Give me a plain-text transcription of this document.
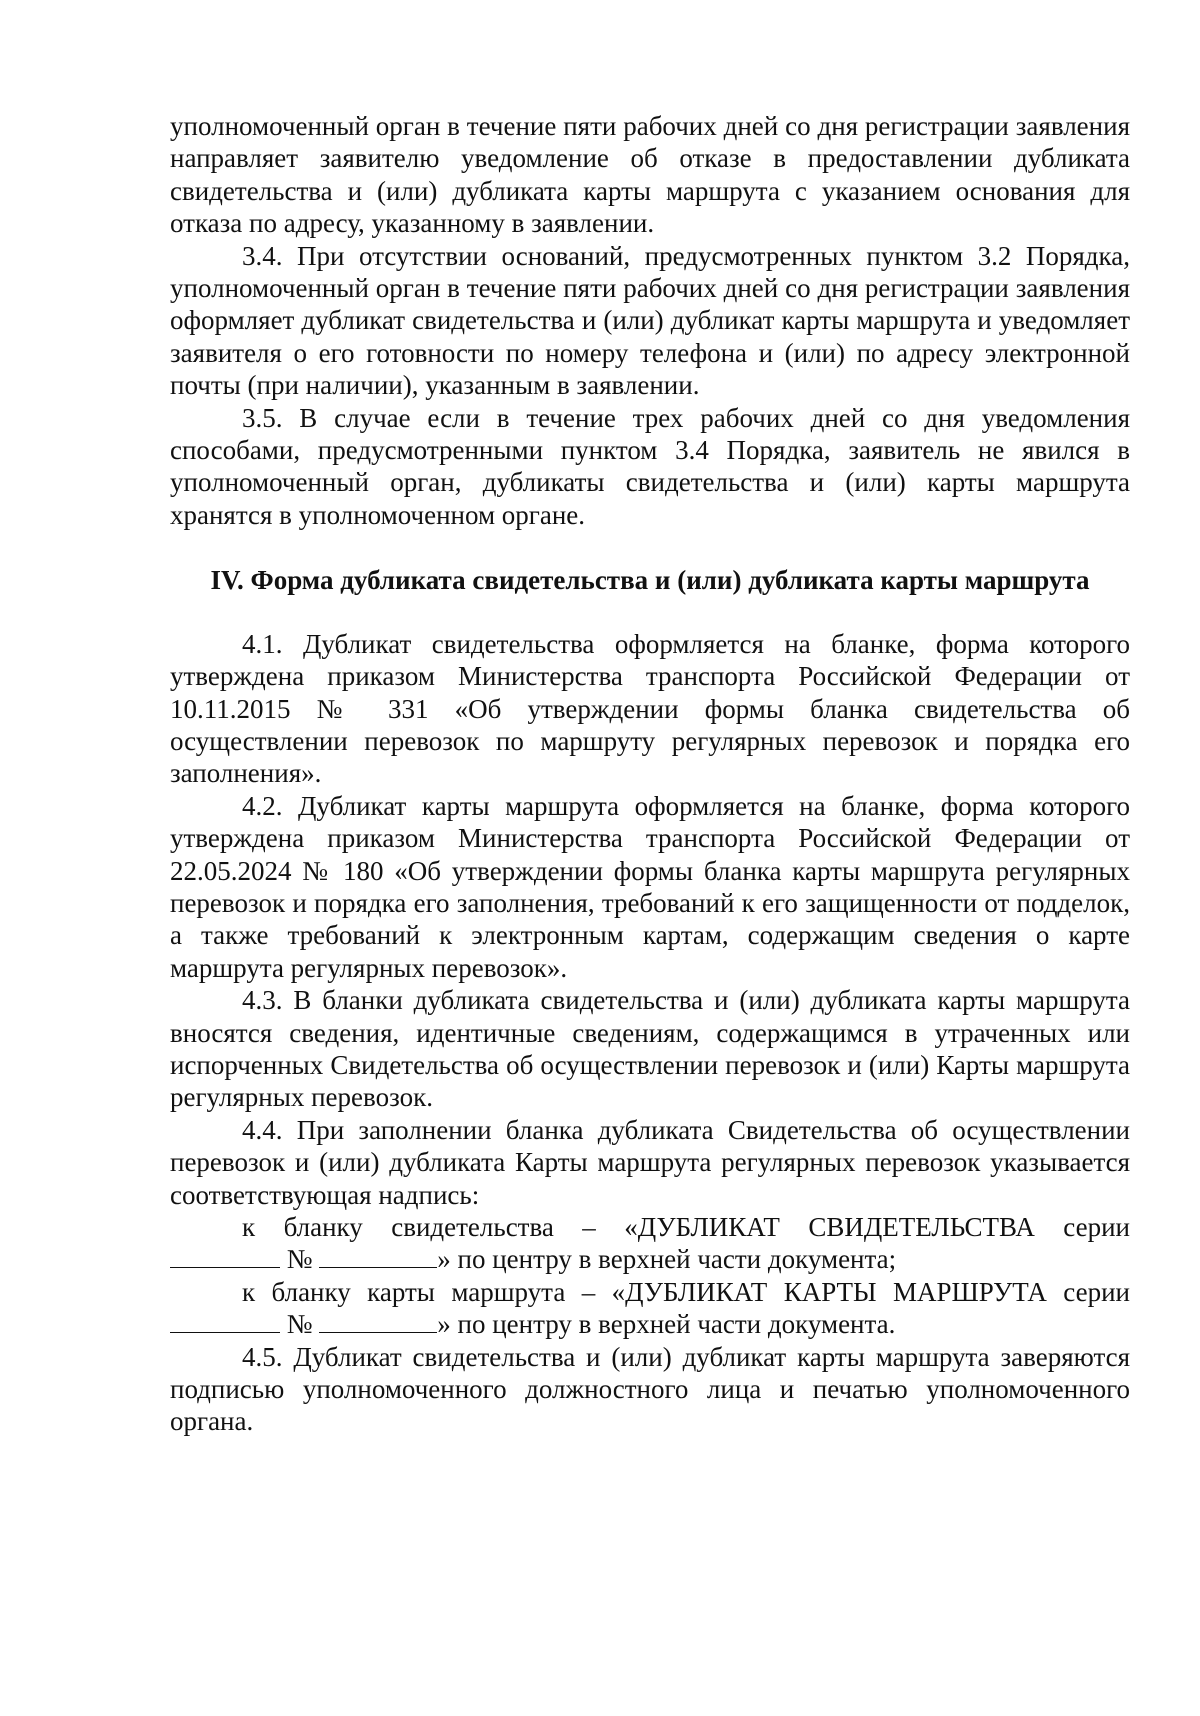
уполномоченный орган в течение пяти рабочих дней со дня регистрации заявления направляет заявителю уведомление об отказе в предоставлении дубликата свидетельства и (или) дубликата карты маршрута с указанием основания для отказа по адресу, указанному в заявлении.

3.4. При отсутствии оснований, предусмотренных пунктом 3.2 Порядка, уполномоченный орган в течение пяти рабочих дней со дня регистрации заявления оформляет дубликат свидетельства и (или) дубликат карты маршрута и уведомляет заявителя о его готовности по номеру телефона и (или) по адресу электронной почты (при наличии), указанным в заявлении.

3.5. В случае если в течение трех рабочих дней со дня уведомления способами, предусмотренными пунктом 3.4 Порядка, заявитель не явился в уполномоченный орган, дубликаты свидетельства и (или) карты маршрута хранятся в уполномоченном органе.

IV. Форма дубликата свидетельства и (или) дубликата карты маршрута

4.1. Дубликат свидетельства оформляется на бланке, форма которого утверждена приказом Министерства транспорта Российской Федерации от 10.11.2015 № 331 «Об утверждении формы бланка свидетельства об осуществлении перевозок по маршруту регулярных перевозок и порядка его заполнения».

4.2. Дубликат карты маршрута оформляется на бланке, форма которого утверждена приказом Министерства транспорта Российской Федерации от 22.05.2024 № 180 «Об утверждении формы бланка карты маршрута регулярных перевозок и порядка его заполнения, требований к его защищенности от подделок, а также требований к электронным картам, содержащим сведения о карте маршрута регулярных перевозок».

4.3. В бланки дубликата свидетельства и (или) дубликата карты маршрута вносятся сведения, идентичные сведениям, содержащимся в утраченных или испорченных Свидетельства об осуществлении перевозок и (или) Карты маршрута регулярных перевозок.

4.4. При заполнении бланка дубликата Свидетельства об осуществлении перевозок и (или) дубликата Карты маршрута регулярных перевозок указывается соответствующая надпись:

к бланку свидетельства – «ДУБЛИКАТ СВИДЕТЕЛЬСТВА серии

№	» по центру в верхней части документа;

к бланку карты маршрута – «ДУБЛИКАТ КАРТЫ МАРШРУТА серии

№	» по центру в верхней части документа.

4.5. Дубликат свидетельства и (или) дубликат карты маршрута заверяются подписью уполномоченного должностного лица и печатью уполномоченного органа.
